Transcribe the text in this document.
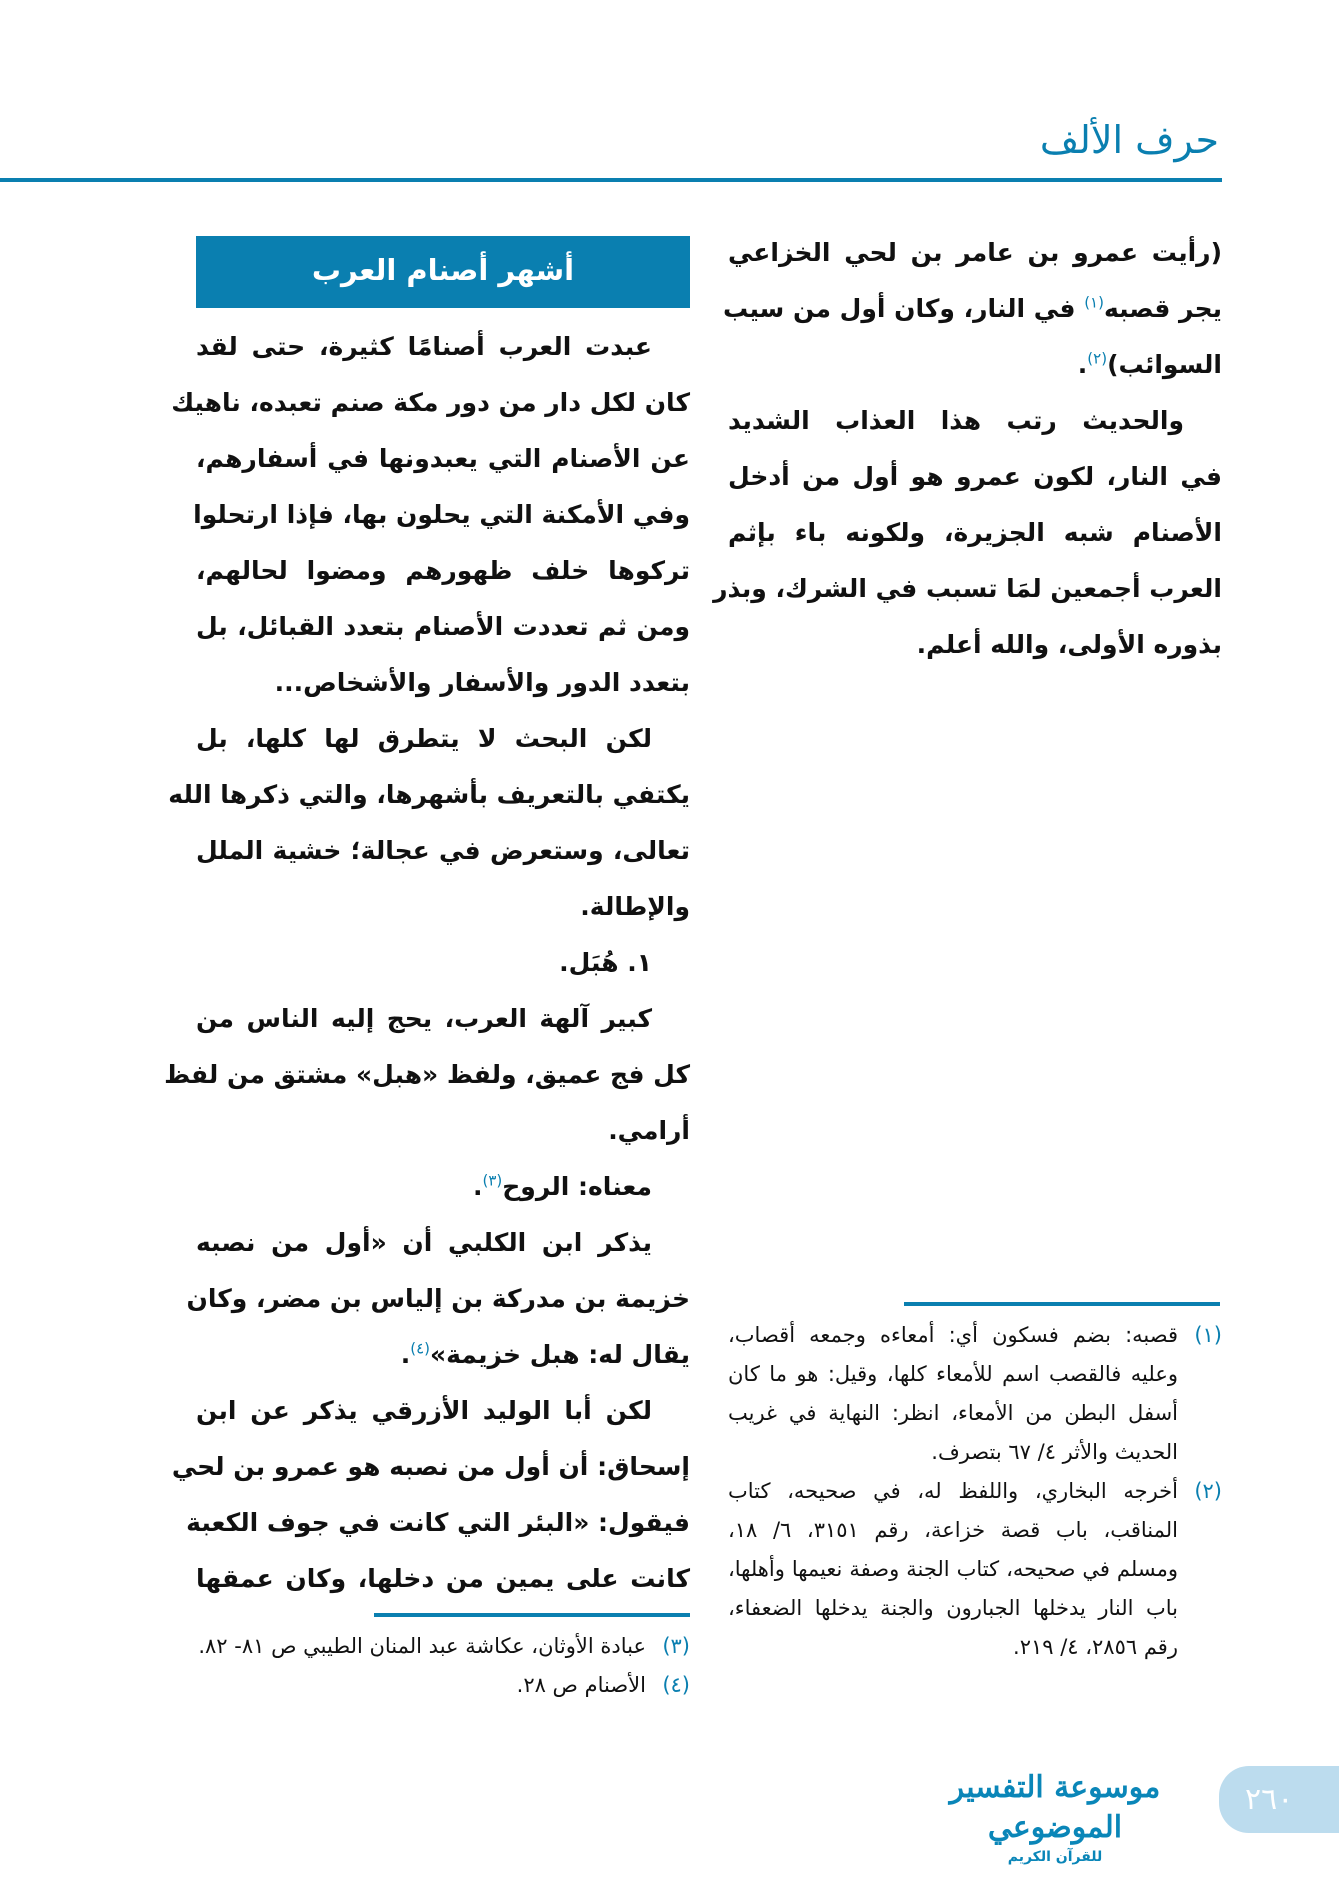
حرف الألف
(رأيت عمرو بن عامر بن لحي الخزاعي
يجر قصبه$^{(١)}$ في النار، وكان أول من سيب
السوائب)$^{(٢)}$.
والحديث رتب هذا العذاب الشديد
في النار، لكون عمرو هو أول من أدخل
الأصنام شبه الجزيرة، ولكونه باء بإثم
العرب أجمعين لمَا تسبب في الشرك، وبذر
بذوره الأولى، والله أعلم.
أشهر أصنام العرب
عبدت العرب أصنامًا كثيرة، حتى لقد
كان لكل دار من دور مكة صنم تعبده، ناهيك
عن الأصنام التي يعبدونها في أسفارهم،
وفي الأمكنة التي يحلون بها، فإذا ارتحلوا
تركوها خلف ظهورهم ومضوا لحالهم،
ومن ثم تعددت الأصنام بتعدد القبائل، بل
بتعدد الدور والأسفار والأشخاص...
لكن البحث لا يتطرق لها كلها، بل
يكتفي بالتعريف بأشهرها، والتي ذكرها الله
تعالى، وستعرض في عجالة؛ خشية الملل
والإطالة.
١. هُبَل.
كبير آلهة العرب، يحج إليه الناس من
كل فج عميق، ولفظ «هبل» مشتق من لفظ
أرامي.
معناه: الروح$^{(٣)}$.
يذكر ابن الكلبي أن «أول من نصبه
خزيمة بن مدركة بن إلياس بن مضر، وكان
يقال له: هبل خزيمة»$^{(٤)}$.
لكن أبا الوليد الأزرقي يذكر عن ابن
إسحاق: أن أول من نصبه هو عمرو بن لحي
فيقول: «البئر التي كانت في جوف الكعبة
كانت على يمين من دخلها، وكان عمقها
(١)
قصبه: بضم فسكون أي: أمعاءه وجمعه أقصاب، وعليه فالقصب اسم للأمعاء كلها، وقيل: هو ما كان أسفل البطن من الأمعاء، انظر: النهاية في غريب الحديث والأثر ٤/ ٦٧ بتصرف.
(٢)
أخرجه البخاري، واللفظ له، في صحيحه، كتاب المناقب، باب قصة خزاعة، رقم ٣١٥١، ٦/ ١٨، ومسلم في صحيحه، كتاب الجنة وصفة نعيمها وأهلها، باب النار يدخلها الجبارون والجنة يدخلها الضعفاء، رقم ٢٨٥٦، ٤/ ٢١٩.
(٣)
عبادة الأوثان، عكاشة عبد المنان الطيبي ص ٨١- ٨٢.
(٤)
الأصنام ص ٢٨.
موسوعة التفسير الموضوعي
للقرآن الكريم
٢٦٠
